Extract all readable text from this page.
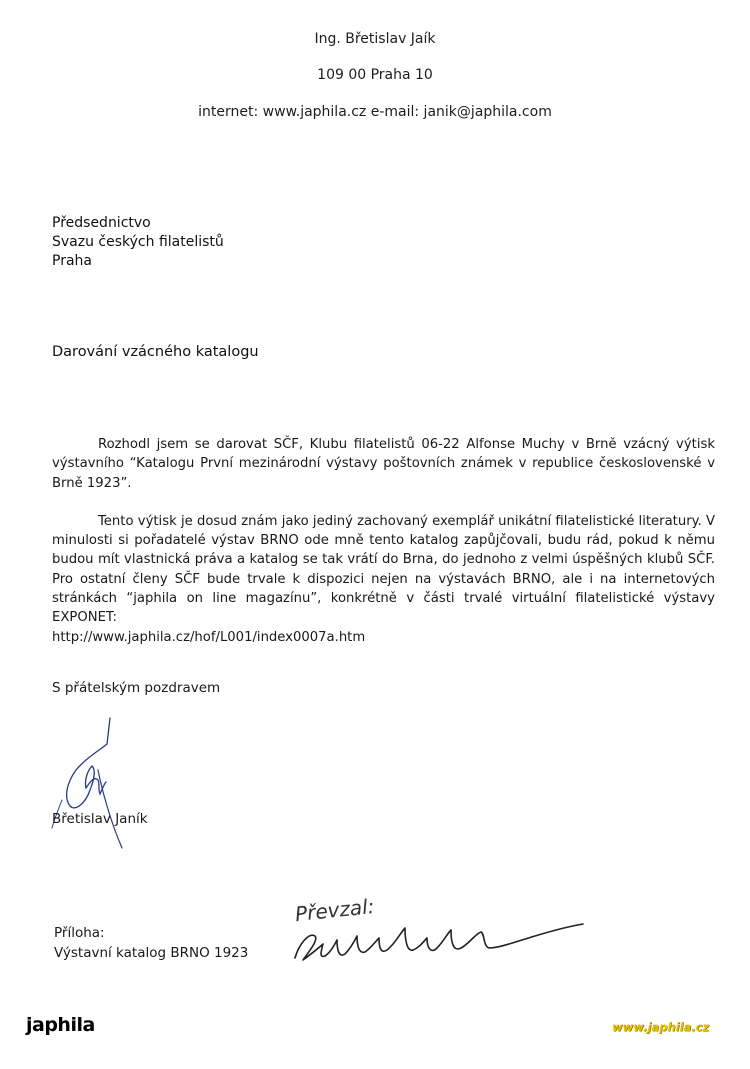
Ing. Břetislav Jaík
109 00 Praha 10
internet: www.japhila.cz e-mail: janik@japhila.com
Předsednictvo
Svazu českých filatelistů
Praha
Darování vzácného katalogu

Rozhodl jsem se darovat SČF, Klubu filatelistů 06-22 Alfonse Muchy v Brně vzácný výtisk výstavního “Katalogu První mezinárodní výstavy poštovních známek v republice československé v Brně 1923”.

Tento výtisk je dosud znám jako jediný zachovaný exemplář unikátní filatelistické literatury. V minulosti si pořadatelé výstav BRNO ode mně tento katalog zapůjčovali, budu rád, pokud k němu budou mít vlastnická práva a katalog se tak vrátí do Brna, do jednoho z velmi úspěšných klubů SČF. Pro ostatní členy SČF bude trvale k dispozici nejen na výstavách BRNO, ale i na internetových stránkách “japhila on line magazínu”, konkrétně v části trvalé virtuální filatelistické výstavy EXPONET:

http://www.japhila.cz/hof/L001/index0007a.htm

S přátelským pozdravem
Břetislav Janík
Příloha:
Výstavní katalog BRNO 1923
Převzal:
japhila	www.japhila.cz
